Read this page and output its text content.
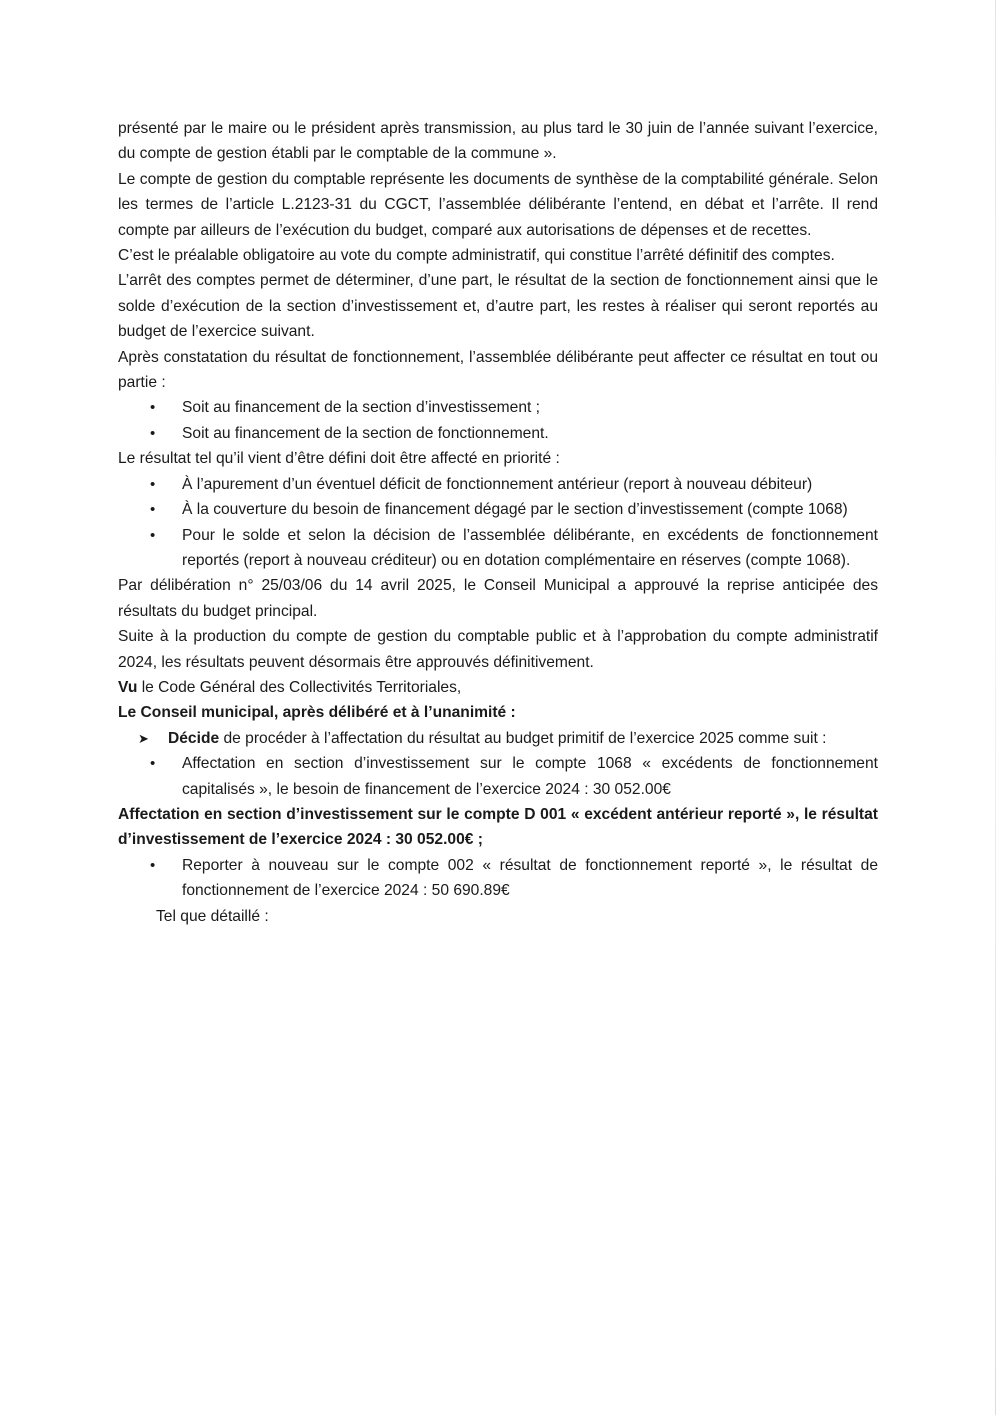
présenté par le maire ou le président après transmission, au plus tard le 30 juin de l’année suivant l’exercice, du compte de gestion établi par le comptable de la commune ».

Le compte de gestion du comptable représente les documents de synthèse de la comptabilité générale. Selon les termes de l’article L.2123-31 du CGCT, l’assemblée délibérante l’entend, en débat et l’arrête. Il rend compte par ailleurs de l’exécution du budget, comparé aux autorisations de dépenses et de recettes.

C’est le préalable obligatoire au vote du compte administratif, qui constitue l’arrêté définitif des comptes.

L’arrêt des comptes permet de déterminer, d’une part, le résultat de la section de fonctionnement ainsi que le solde d’exécution de la section d’investissement et, d’autre part, les restes à réaliser qui seront reportés au budget de l’exercice suivant.

Après constatation du résultat de fonctionnement, l’assemblée délibérante peut affecter ce résultat en tout ou partie :

• Soit au financement de la section d’investissement ;
• Soit au financement de la section de fonctionnement.

Le résultat tel qu’il vient d’être défini doit être affecté en priorité :

• À l’apurement d’un éventuel déficit de fonctionnement antérieur (report à nouveau débiteur)
• À la couverture du besoin de financement dégagé par le section d’investissement (compte 1068)
• Pour le solde et selon la décision de l’assemblée délibérante, en excédents de fonctionnement reportés (report à nouveau créditeur) ou en dotation complémentaire en réserves (compte 1068).

Par délibération n° 25/03/06 du 14 avril 2025, le Conseil Municipal a approuvé la reprise anticipée des résultats du budget principal.

Suite à la production du compte de gestion du comptable public et à l’approbation du compte administratif 2024, les résultats peuvent désormais être approuvés définitivement.

Vu le Code Général des Collectivités Territoriales,

Le Conseil municipal, après délibéré et à l’unanimité :

➤ Décide de procéder à l’affectation du résultat au budget primitif de l’exercice 2025 comme suit :
• Affectation en section d’investissement sur le compte 1068 « excédents de fonctionnement capitalisés », le besoin de financement de l’exercice 2024 : 30 052.00€

Affectation en section d’investissement sur le compte D 001 « excédent antérieur reporté », le résultat d’investissement de l’exercice 2024 : 30 052.00€ ;

• Reporter à nouveau sur le compte 002 « résultat de fonctionnement reporté », le résultat de fonctionnement de l’exercice 2024 : 50 690.89€

Tel que détaillé :
